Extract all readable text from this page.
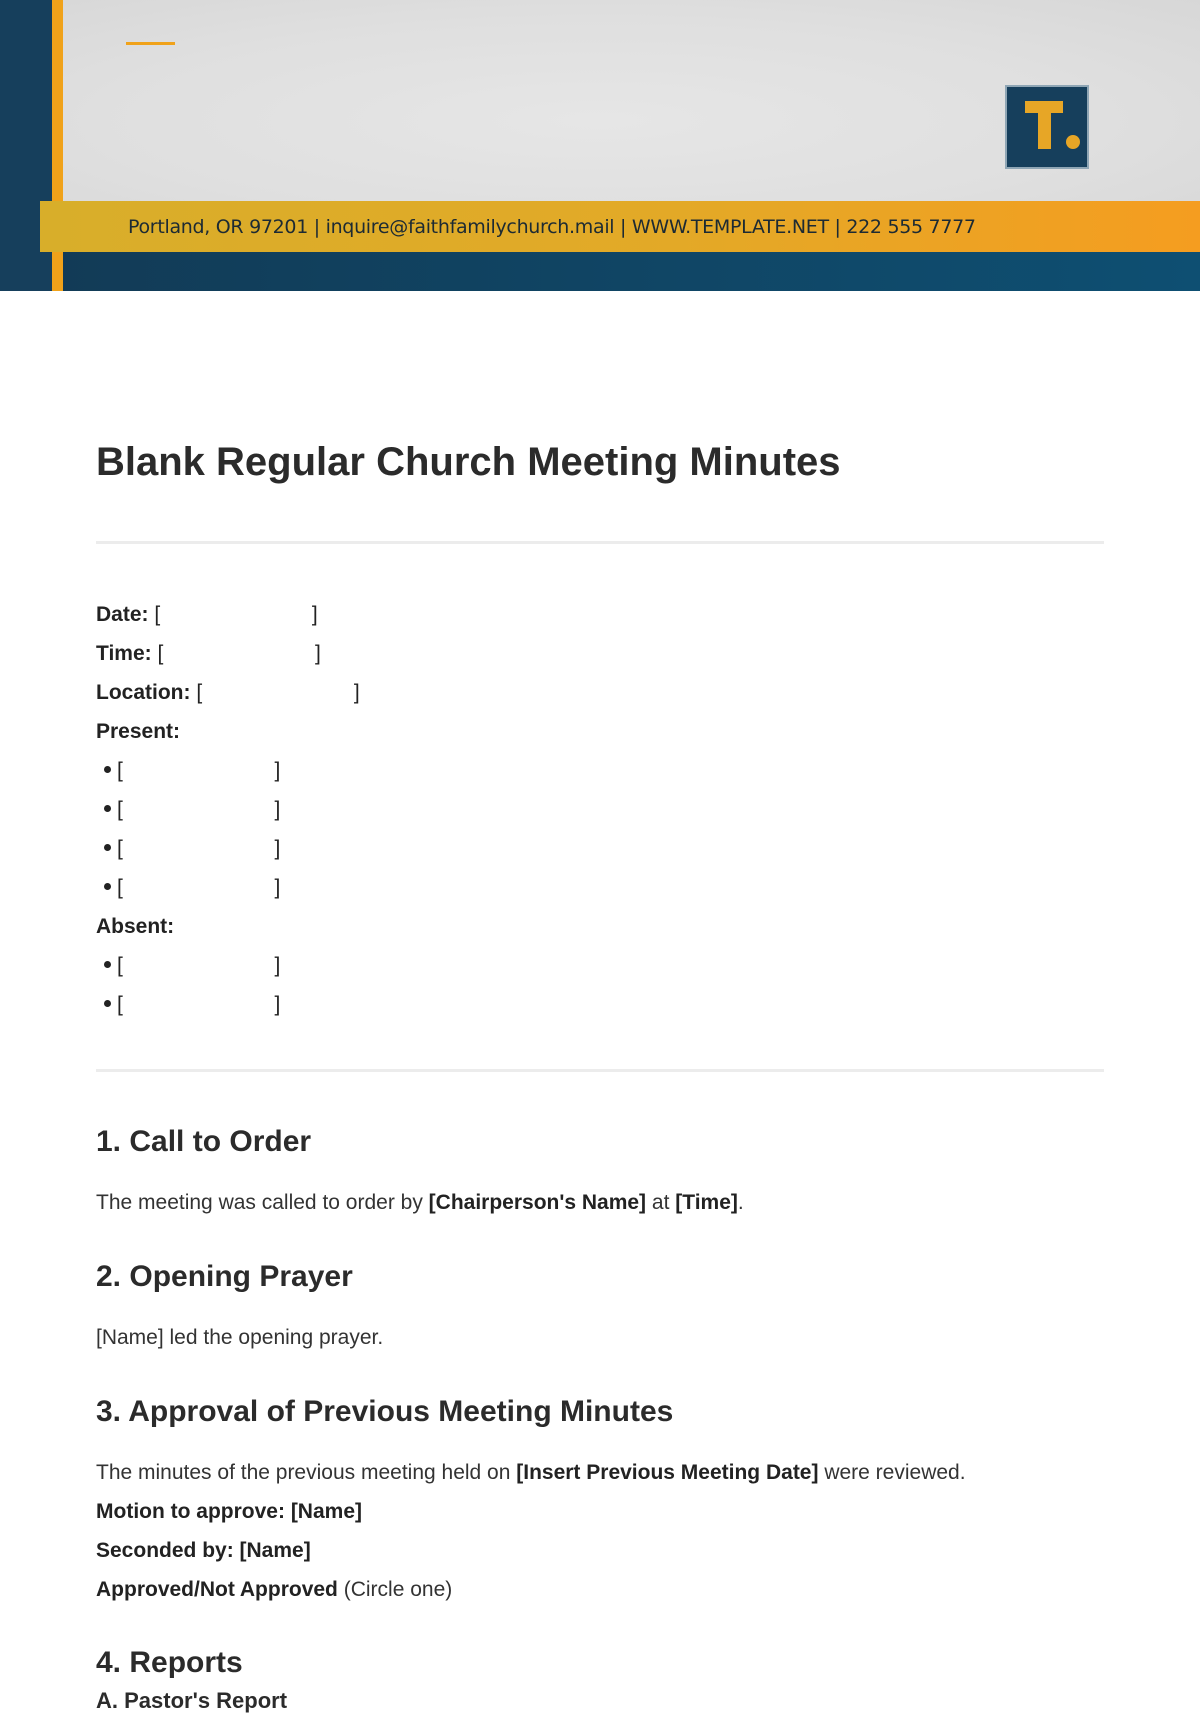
Portland, OR 97201 | inquire@faithfamilychurch.mail | WWW.TEMPLATE.NET | 222 555 7777
Blank Regular Church Meeting Minutes
Date: [                          ]
Time: [                          ]
Location: [                          ]
Present:
[                          ]
[                          ]
[                          ]
[                          ]
Absent:
[                          ]
[                          ]
1. Call to Order
The meeting was called to order by [Chairperson's Name] at [Time].
2. Opening Prayer
[Name] led the opening prayer.
3. Approval of Previous Meeting Minutes
The minutes of the previous meeting held on [Insert Previous Meeting Date] were reviewed.
Motion to approve: [Name]
Seconded by: [Name]
Approved/Not Approved (Circle one)
4. Reports
A. Pastor's Report
